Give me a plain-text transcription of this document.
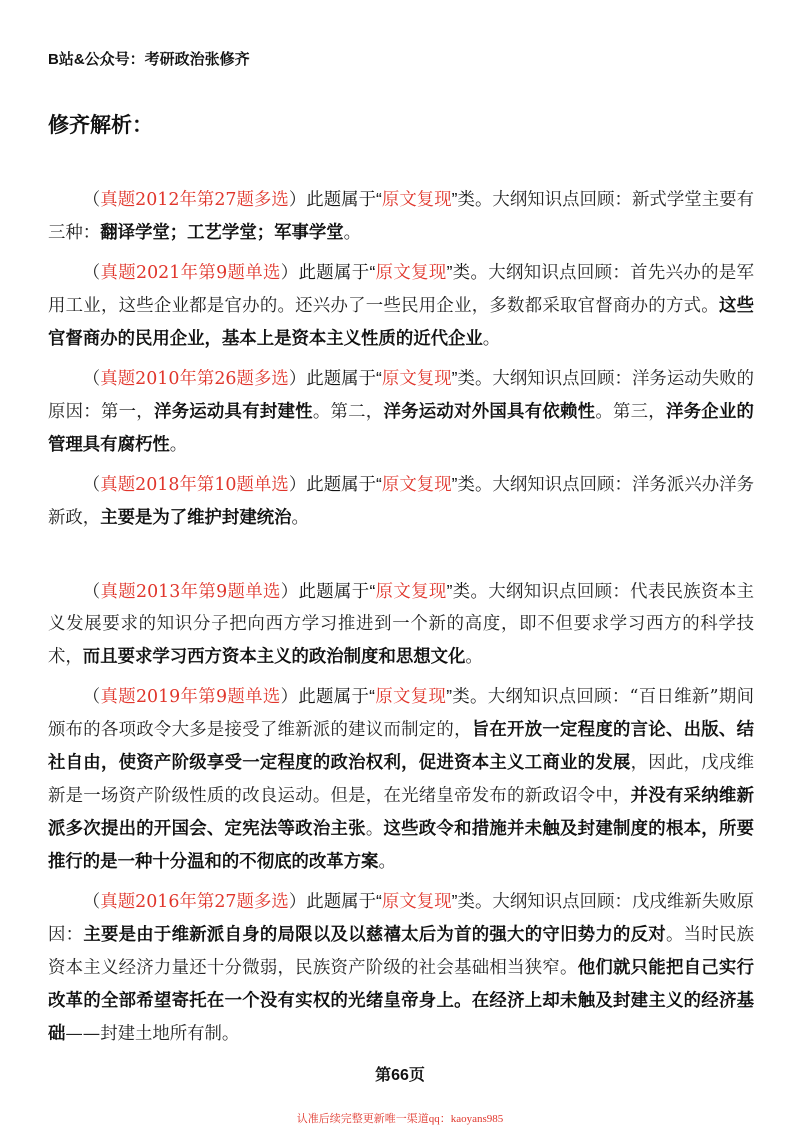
B站&公众号：考研政治张修齐
修齐解析：

（真题2012年第27题多选）此题属于“原文复现”类。大纲知识点回顾：新式学堂主要有三种：翻译学堂；工艺学堂；军事学堂。

（真题2021年第9题单选）此题属于“原文复现”类。大纲知识点回顾：首先兴办的是军用工业，这些企业都是官办的。还兴办了一些民用企业，多数都采取官督商办的方式。这些官督商办的民用企业，基本上是资本主义性质的近代企业。

（真题2010年第26题多选）此题属于“原文复现”类。大纲知识点回顾：洋务运动失败的原因：第一，洋务运动具有封建性。第二，洋务运动对外国具有依赖性。第三，洋务企业的管理具有腐朽性。

（真题2018年第10题单选）此题属于“原文复现”类。大纲知识点回顾：洋务派兴办洋务新政，主要是为了维护封建统治。

（真题2013年第9题单选）此题属于“原文复现”类。大纲知识点回顾：代表民族资本主义发展要求的知识分子把向西方学习推进到一个新的高度，即不但要求学习西方的科学技术，而且要求学习西方资本主义的政治制度和思想文化。

（真题2019年第9题单选）此题属于“原文复现”类。大纲知识点回顾：“百日维新”期间颁布的各项政令大多是接受了维新派的建议而制定的，旨在开放一定程度的言论、出版、结社自由，使资产阶级享受一定程度的政治权利，促进资本主义工商业的发展，因此，戊戌维新是一场资产阶级性质的改良运动。但是，在光绪皇帝发布的新政诏令中，并没有采纳维新派多次提出的开国会、定宪法等政治主张。这些政令和措施并未触及封建制度的根本，所要推行的是一种十分温和的不彻底的改革方案。

（真题2016年第27题多选）此题属于“原文复现”类。大纲知识点回顾：戊戌维新失败原因：主要是由于维新派自身的局限以及以慈禧太后为首的强大的守旧势力的反对。当时民族资本主义经济力量还十分微弱，民族资产阶级的社会基础相当狭窄。他们就只能把自己实行改革的全部希望寄托在一个没有实权的光绪皇帝身上。在经济上却未触及封建主义的经济基础——封建土地所有制。

第66页
认准后续完整更新唯一渠道qq：kaoyans985
